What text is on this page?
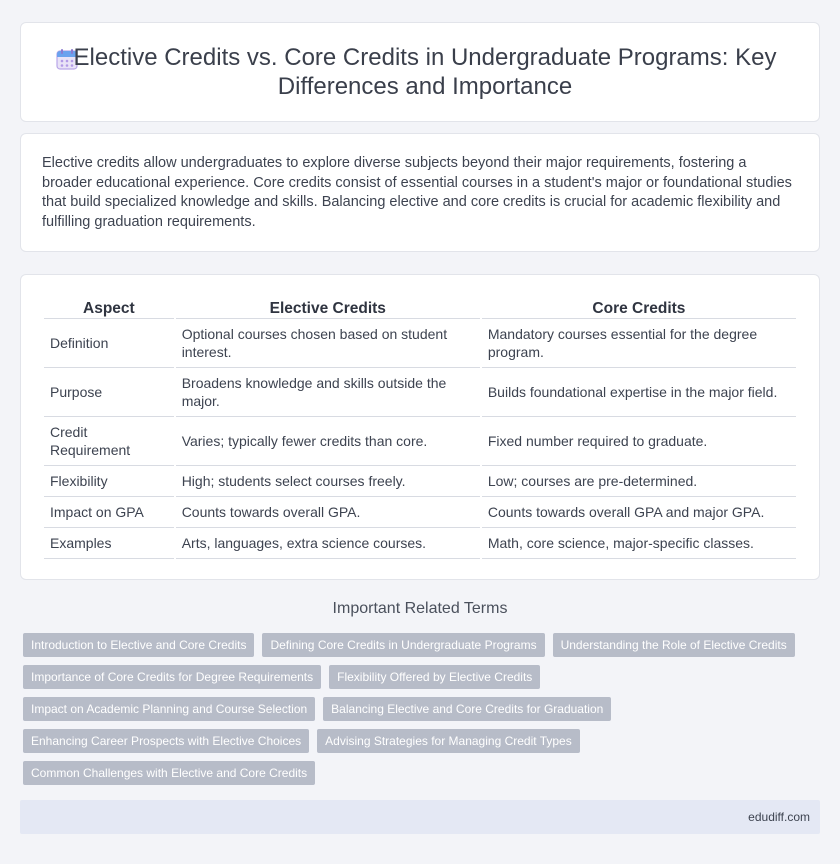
Elective Credits vs. Core Credits in Undergraduate Programs: Key Differences and Importance

Elective credits allow undergraduates to explore diverse subjects beyond their major requirements, fostering a broader educational experience. Core credits consist of essential courses in a student's major or foundational studies that build specialized knowledge and skills. Balancing elective and core credits is crucial for academic flexibility and fulfilling graduation requirements.

Aspect	Elective Credits	Core Credits
Definition	Optional courses chosen based on student interest.	Mandatory courses essential for the degree program.
Purpose	Broadens knowledge and skills outside the major.	Builds foundational expertise in the major field.
Credit Requirement	Varies; typically fewer credits than core.	Fixed number required to graduate.
Flexibility	High; students select courses freely.	Low; courses are pre-determined.
Impact on GPA	Counts towards overall GPA.	Counts towards overall GPA and major GPA.
Examples	Arts, languages, extra science courses.	Math, core science, major-specific classes.
Important Related Terms
Introduction to Elective and Core Credits	Defining Core Credits in Undergraduate Programs	Understanding the Role of Elective Credits
Importance of Core Credits for Degree Requirements	Flexibility Offered by Elective Credits
Impact on Academic Planning and Course Selection	Balancing Elective and Core Credits for Graduation
Enhancing Career Prospects with Elective Choices	Advising Strategies for Managing Credit Types
Common Challenges with Elective and Core Credits
edudiff.com
